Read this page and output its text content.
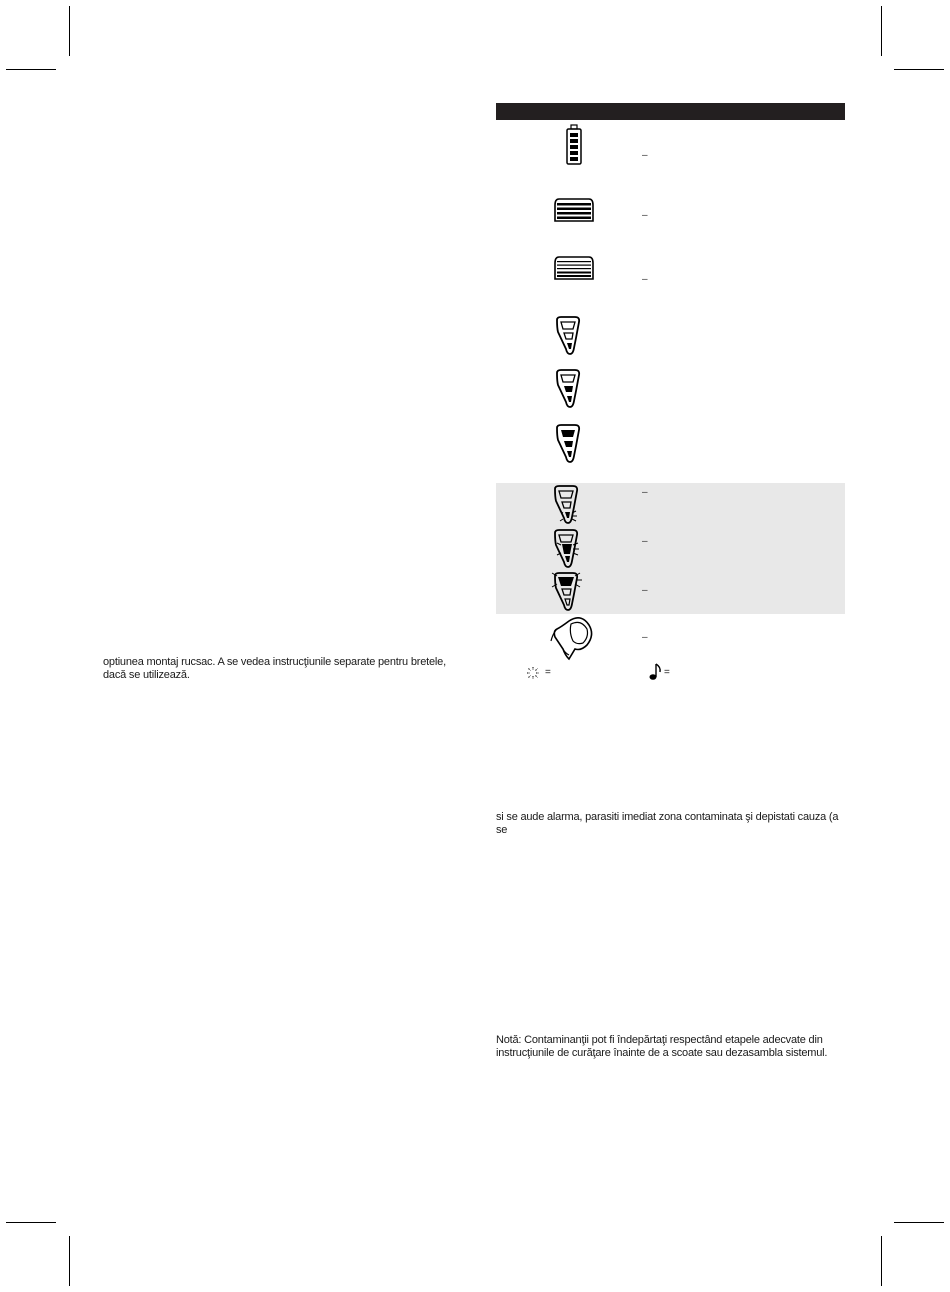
optiunea montaj rucsac. A se vedea instrucţiunile separate pentru bretele,
dacă se utilizează.
–
–
–
–
–
–
–
=	=
si se aude alarma, parasiti imediat zona contaminata şi depistati cauza (a se
Notă: Contaminanţii pot fi îndepărtaţi respectând etapele adecvate din
instrucţiunile de curăţare înainte de a scoate sau dezasambla sistemul.
